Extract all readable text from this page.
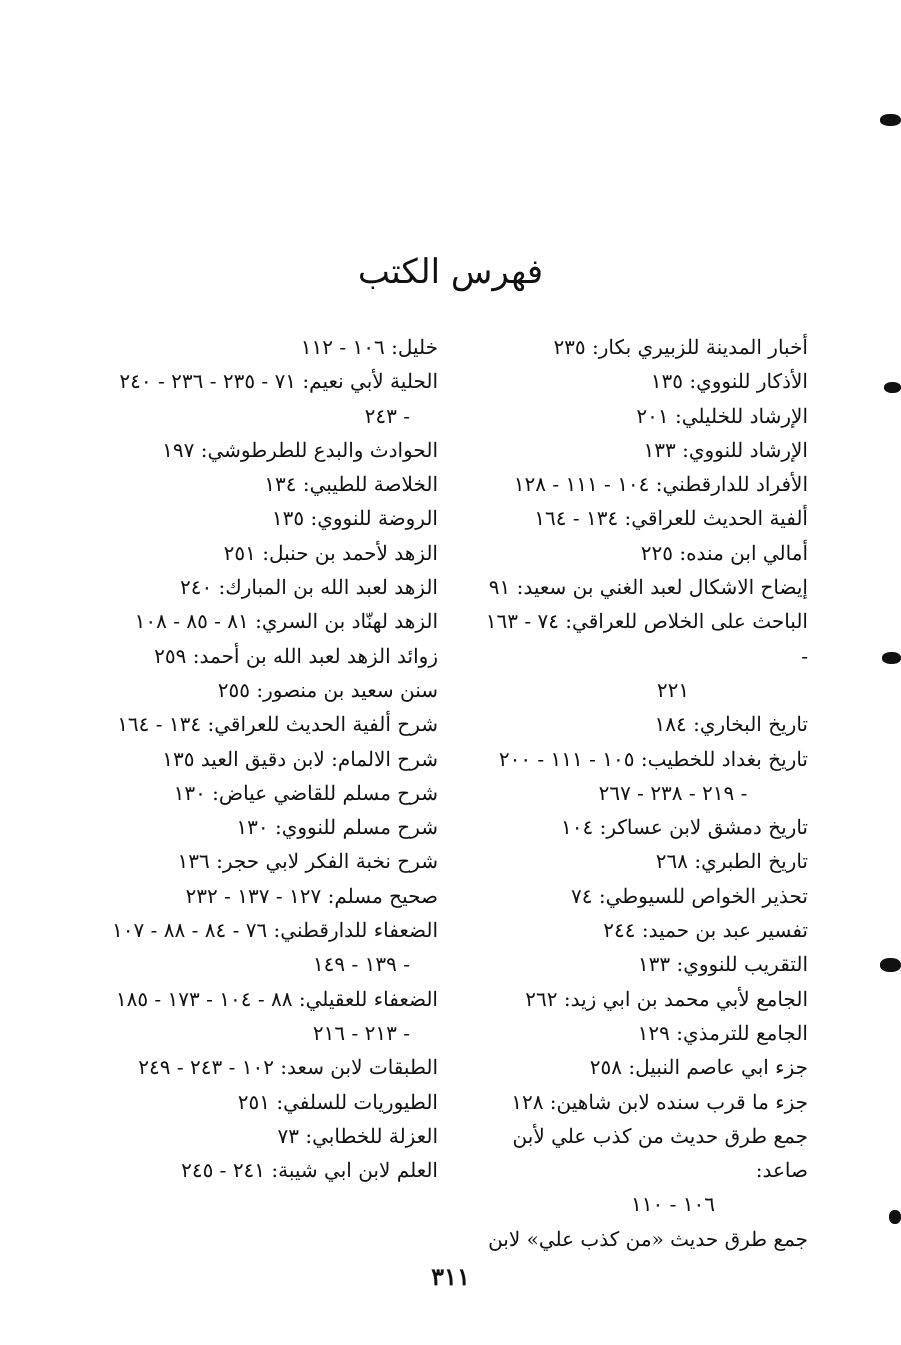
فهرس الكتب
أخبار المدينة للزبيري بكار: ٢٣٥
الأذكار للنووي: ١٣٥
الإرشاد للخليلي: ٢٠١
الإرشاد للنووي: ١٣٣
الأفراد للدارقطني: ١٠٤ - ١١١ - ١٢٨
ألفية الحديث للعراقي: ١٣٤ - ١٦٤
أمالي ابن منده: ٢٢٥
إيضاح الاشكال لعبد الغني بن سعيد: ٩١
الباحث على الخلاص للعراقي: ٧٤ - ١٦٣ -
٢٢١
تاريخ البخاري: ١٨٤
تاريخ بغداد للخطيب: ١٠٥ - ١١١ - ٢٠٠
- ٢١٩ - ٢٣٨ - ٢٦٧
تاريخ دمشق لابن عساكر: ١٠٤
تاريخ الطبري: ٢٦٨
تحذير الخواص للسيوطي: ٧٤
تفسير عبد بن حميد: ٢٤٤
التقريب للنووي: ١٣٣
الجامع لأبي محمد بن ابي زيد: ٢٦٢
الجامع للترمذي: ١٢٩
جزء ابي عاصم النبيل: ٢٥٨
جزء ما قرب سنده لابن شاهين: ١٢٨
جمع طرق حديث من كذب علي لأبن صاعد:
١٠٦ - ١١٠
جمع طرق حديث «من كذب علي» لابن
خليل: ١٠٦ - ١١٢
الحلية لأبي نعيم: ٧١ - ٢٣٥ - ٢٣٦ - ٢٤٠
- ٢٤٣
الحوادث والبدع للطرطوشي: ١٩٧
الخلاصة للطيبي: ١٣٤
الروضة للنووي: ١٣٥
الزهد لأحمد بن حنبل: ٢٥١
الزهد لعبد الله بن المبارك: ٢٤٠
الزهد لهنّاد بن السري: ٨١ - ٨٥ - ١٠٨
زوائد الزهد لعبد الله بن أحمد: ٢٥٩
سنن سعيد بن منصور: ٢٥٥
شرح ألفية الحديث للعراقي: ١٣٤ - ١٦٤
شرح الالمام: لابن دقيق العيد ١٣٥
شرح مسلم للقاضي عياض: ١٣٠
شرح مسلم للنووي: ١٣٠
شرح نخبة الفكر لابي حجر: ١٣٦
صحيح مسلم: ١٢٧ - ١٣٧ - ٢٣٢
الضعفاء للدارقطني: ٧٦ - ٨٤ - ٨٨ - ١٠٧
- ١٣٩ - ١٤٩
الضعفاء للعقيلي: ٨٨ - ١٠٤ - ١٧٣ - ١٨٥
- ٢١٣ - ٢١٦
الطبقات لابن سعد: ١٠٢ - ٢٤٣ - ٢٤٩
الطيوريات للسلفي: ٢٥١
العزلة للخطابي: ٧٣
العلم لابن ابي شيبة: ٢٤١ - ٢٤٥
٣١١
